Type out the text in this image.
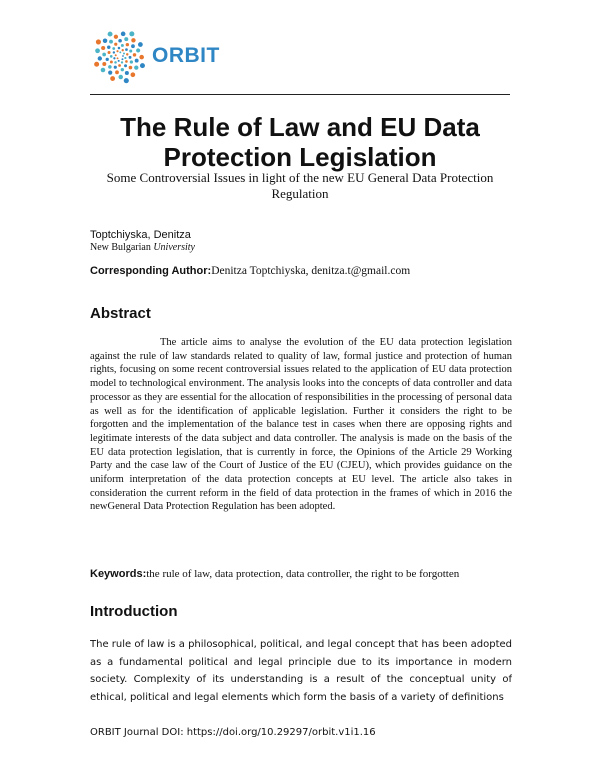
ORBIT
The Rule of Law and EU Data Protection Legislation
Some Controversial Issues in light of the new EU General Data Protection Regulation
Toptchiyska, Denitza
New Bulgarian University
Corresponding Author:Denitza Toptchiyska, denitza.t@gmail.com
Abstract

The article aims to analyse the evolution of the EU data protection legislation against the rule of law standards related to quality of law, formal justice and protection of human rights, focusing on some recent controversial issues related to the application of EU data protection model to technological environment. The analysis looks into the concepts of data controller and data processor as they are essential for the allocation of responsibilities in the processing of personal data as well as for the identification of applicable legislation. Further it considers the right to be forgotten and the implementation of the balance test in cases when there are opposing rights and legitimate interests of the data subject and data controller. The analysis is made on the basis of the EU data protection legislation, that is currently in force, the Opinions of the Article 29 Working Party and the case law of the Court of Justice of the EU (CJEU), which provides guidance on the uniform interpretation of the data protection concepts at EU level. The article also takes in consideration the current reform in the field of data protection in the frames of which in 2016 the newGeneral Data Protection Regulation has been adopted.

Keywords:the rule of law, data protection, data controller, the right to be forgotten
Introduction

The rule of law is a philosophical, political, and legal concept that has been adopted as a fundamental political and legal principle due to its importance in modern society. Complexity of its understanding is a result of the conceptual unity of ethical, political and legal elements which form the basis of a variety of definitions

ORBIT Journal DOI: https://doi.org/10.29297/orbit.v1i1.16
